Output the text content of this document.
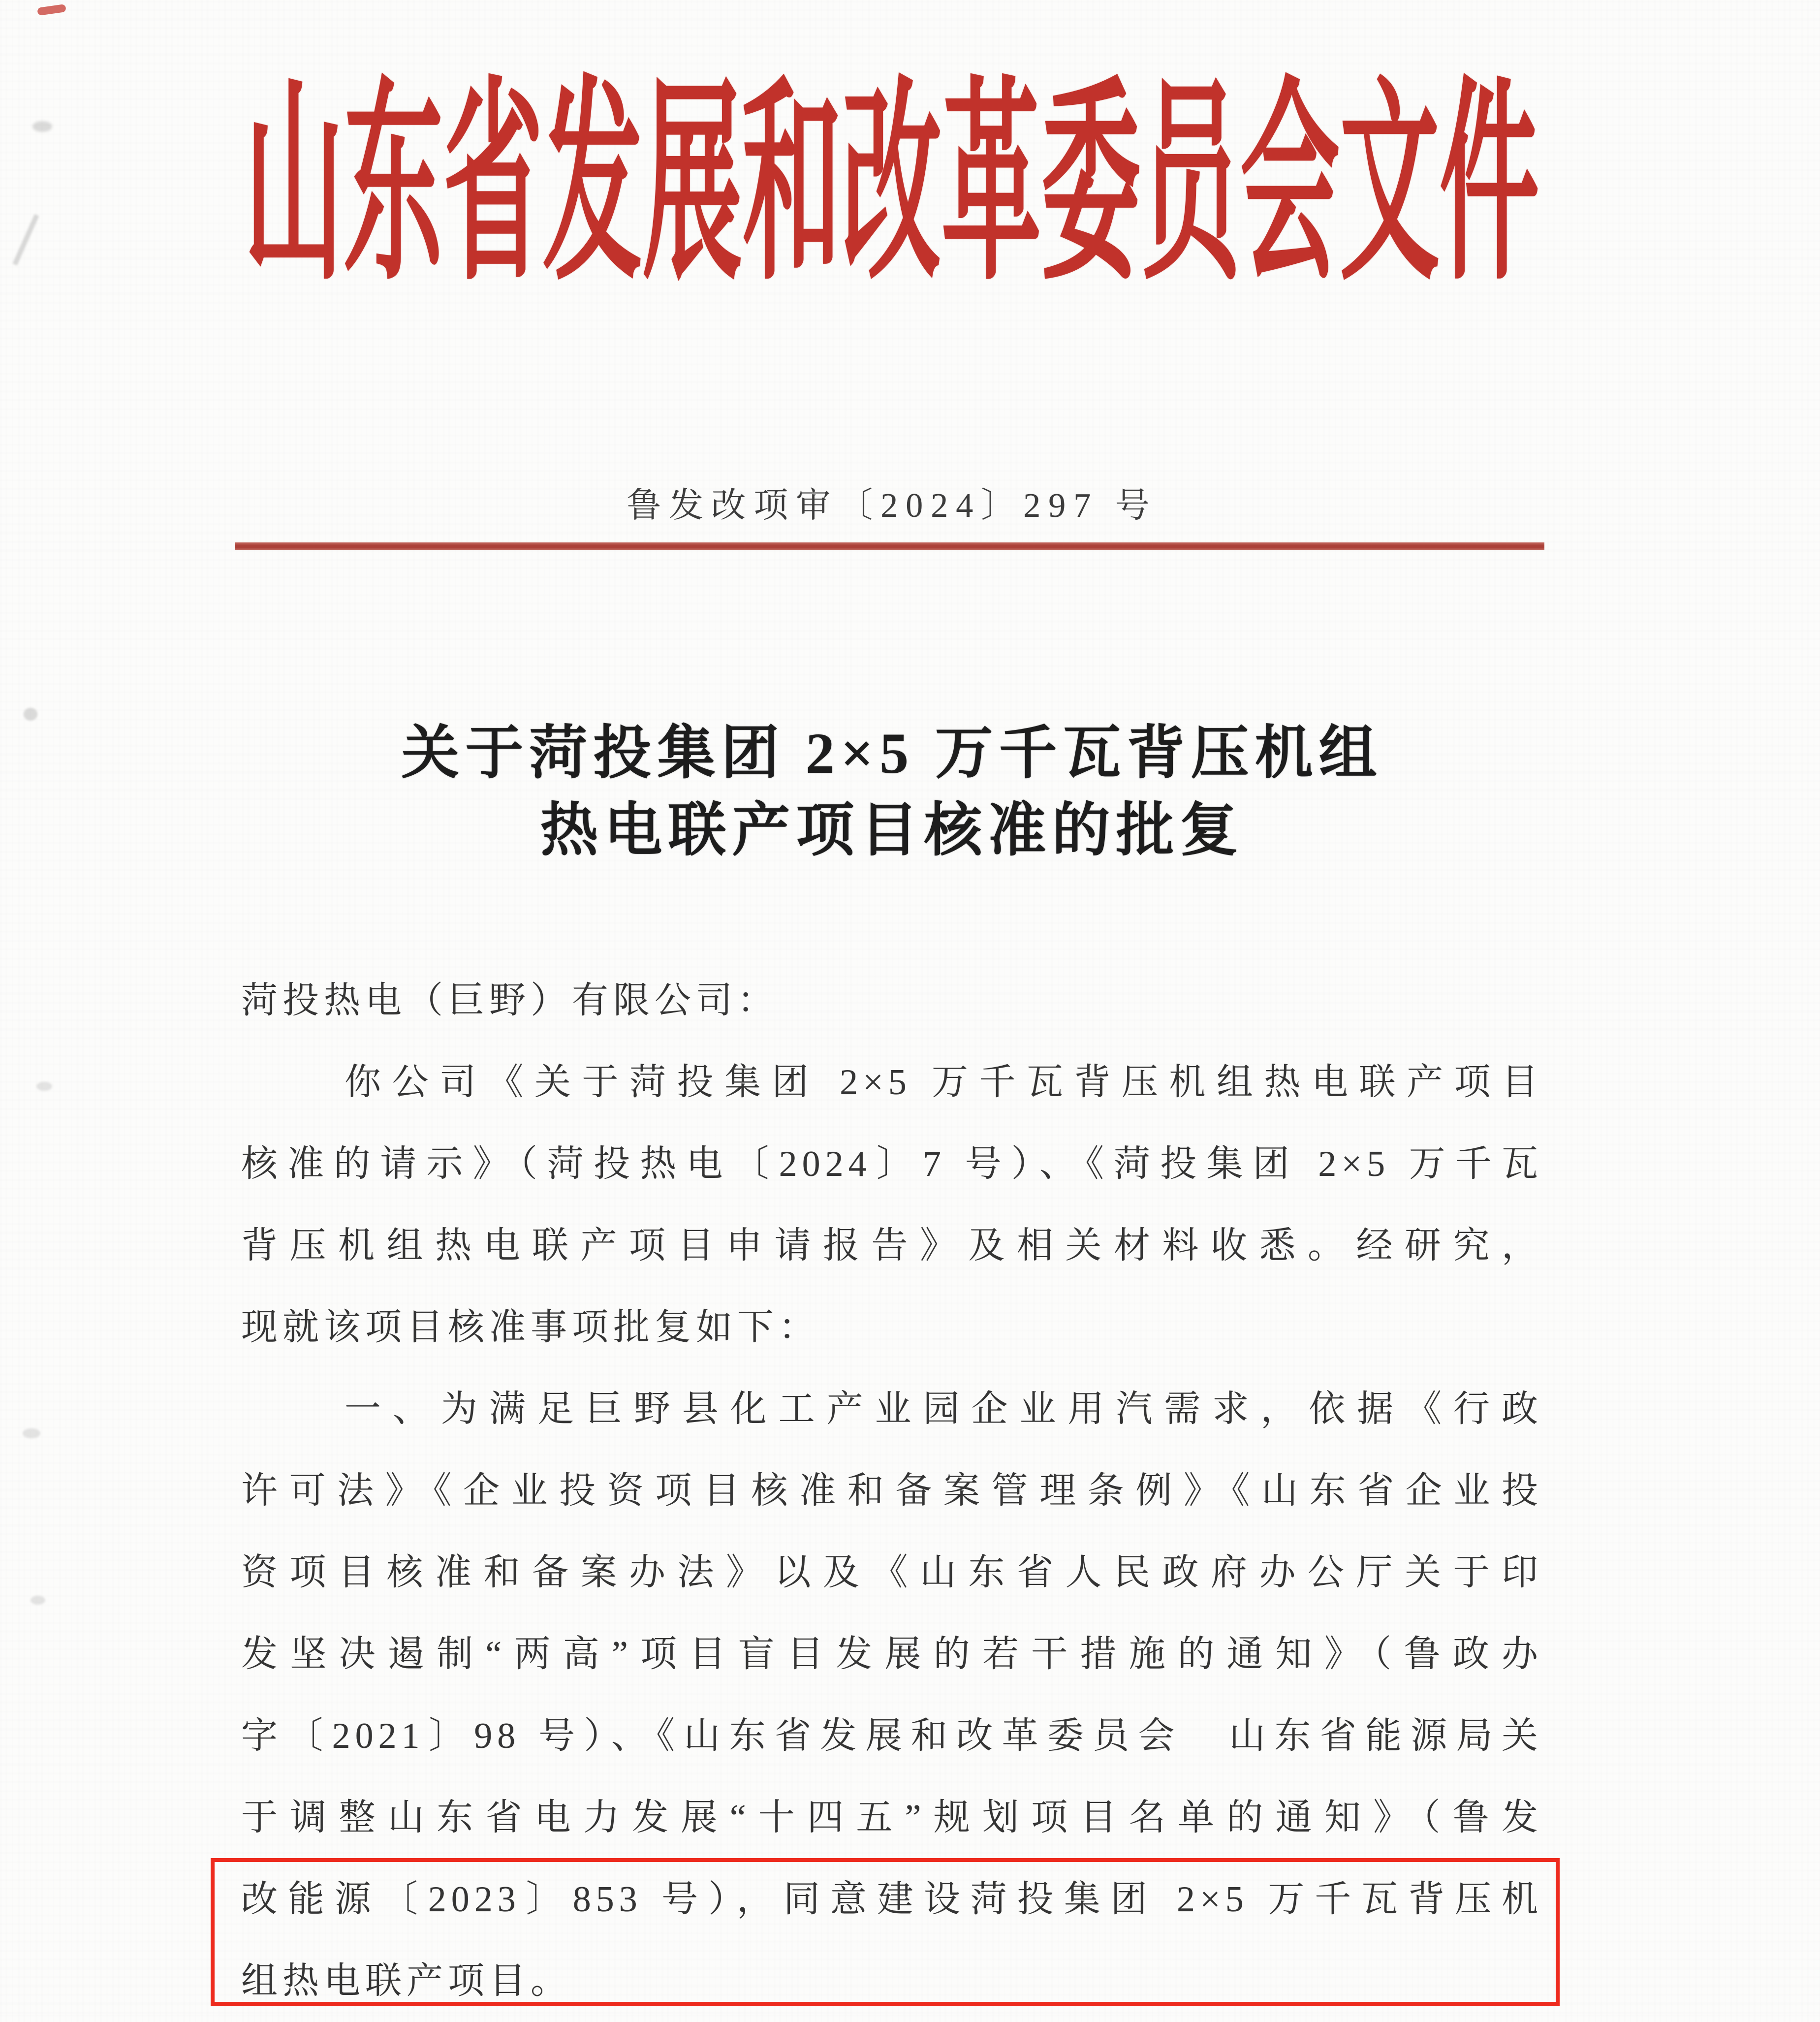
山东省发展和改革委员会文件
鲁发改项审〔2024〕297 号
关于菏投集团 2×5 万千瓦背压机组
热电联产项目核准的批复
菏投热电（巨野）有限公司：
你公司《关于菏投集团 2×5 万千瓦背压机组热电联产项目
核准的请示》（菏投热电〔2024〕7 号）、《菏投集团 2×5 万千瓦
背压机组热电联产项目申请报告》及相关材料收悉。经研究，
现就该项目核准事项批复如下：
一、为满足巨野县化工产业园企业用汽需求，依据《行政
许可法》《企业投资项目核准和备案管理条例》《山东省企业投
资项目核准和备案办法》以及《山东省人民政府办公厅关于印
发坚决遏制“两高”项目盲目发展的若干措施的通知》（鲁政办
字〔2021〕98 号）、《山东省发展和改革委员会　山东省能源局关
于调整山东省电力发展“十四五”规划项目名单的通知》（鲁发
改能源〔2023〕853 号），同意建设菏投集团 2×5 万千瓦背压机
组热电联产项目。
